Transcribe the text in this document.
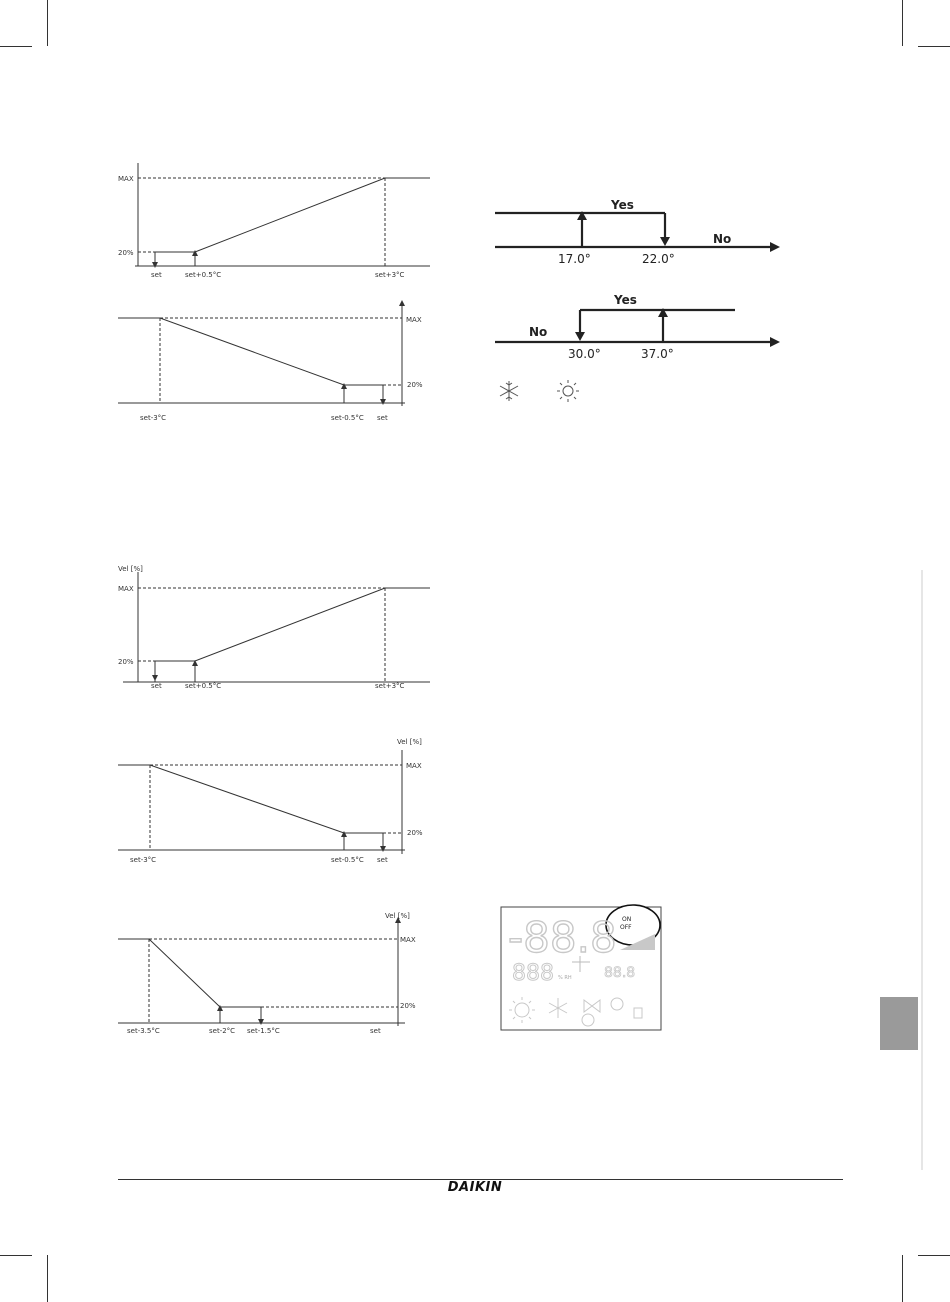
MAX
20%
set	set+0.5°C	set+3°C
MAX
20%
set-3°C	set-0.5°C set
Yes
No
17.0°	22.0°
Yes
No
30.0°	37.0°
Vel [%]
MAX
20%
set	set+0.5°C	set+3°C
Vel [%]
MAX
20%
set-3°C	set-0.5°C set
Vel [%]
MAX
20%
set-3.5°C	set-2°C set-1.5°C	set
ON
OFF
-88.8
888 % RH 88.8
DAIKIN
